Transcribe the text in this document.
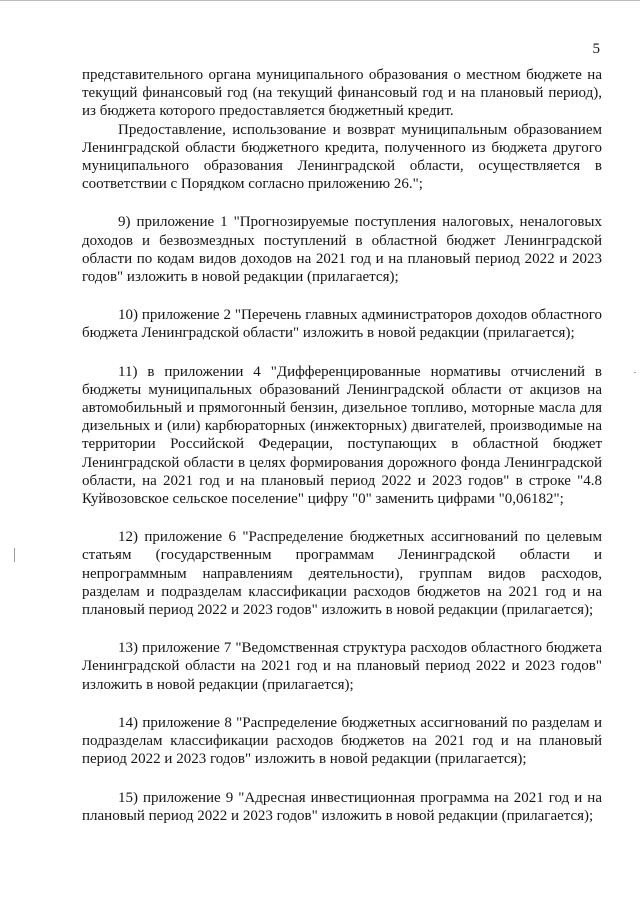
5

представительного органа муниципального образования о местном бюджете на текущий финансовый год (на текущий финансовый год и на плановый период), из бюджета которого предоставляется бюджетный кредит.

Предоставление, использование и возврат муниципальным образованием Ленинградской области бюджетного кредита, полученного из бюджета другого муниципального образования Ленинградской области, осуществляется в соответствии с Порядком согласно приложению 26.";

9) приложение 1 "Прогнозируемые поступления налоговых, неналоговых доходов и безвозмездных поступлений в областной бюджет Ленинградской области по кодам видов доходов на 2021 год и на плановый период 2022 и 2023 годов" изложить в новой редакции (прилагается);

10) приложение 2 "Перечень главных администраторов доходов областного бюджета Ленинградской области" изложить в новой редакции (прилагается);

11) в приложении 4 "Дифференцированные нормативы отчислений в бюджеты муниципальных образований Ленинградской области от акцизов на автомобильный и прямогонный бензин, дизельное топливо, моторные масла для дизельных и (или) карбюраторных (инжекторных) двигателей, производимые на территории Российской Федерации, поступающих в областной бюджет Ленинградской области в целях формирования дорожного фонда Ленинградской области, на 2021 год и на плановый период 2022 и 2023 годов" в строке "4.8 Куйвозовское сельское поселение" цифру "0" заменить цифрами "0,06182";

12) приложение 6 "Распределение бюджетных ассигнований по целевым статьям (государственным программам Ленинградской области и непрограммным направлениям деятельности), группам видов расходов, разделам и подразделам классификации расходов бюджетов на 2021 год и на плановый период 2022 и 2023 годов" изложить в новой редакции (прилагается);

13) приложение 7 "Ведомственная структура расходов областного бюджета Ленинградской области на 2021 год и на плановый период 2022 и 2023 годов" изложить в новой редакции (прилагается);

14) приложение 8 "Распределение бюджетных ассигнований по разделам и подразделам классификации расходов бюджетов на 2021 год и на плановый период 2022 и 2023 годов" изложить в новой редакции (прилагается);

15) приложение 9 "Адресная инвестиционная программа на 2021 год и на плановый период 2022 и 2023 годов" изложить в новой редакции (прилагается);
